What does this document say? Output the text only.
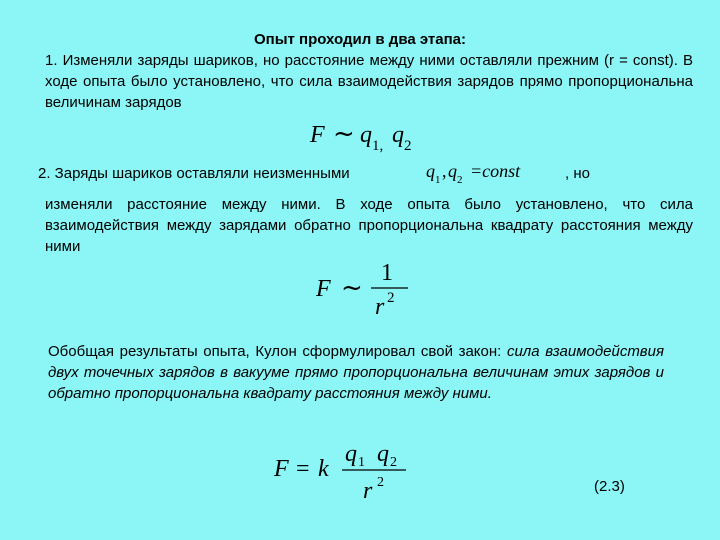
Опыт проходил в два этапа:
1. Изменяли заряды шариков, но расстояние между ними оставляли прежним (r = const). В ходе опыта было установлено, что сила взаимодействия зарядов прямо пропорциональна величинам зарядов
F ~ q 1, q 2
2. Заряды шариков оставляли неизменными	q 1 , q 2 =const	, но
изменяли расстояние между ними. В ходе опыта было установлено, что сила взаимодействия между зарядами обратно пропорциональна квадрату расстояния между ними
F ~ 1
r 2
Обобщая результаты опыта, Кулон сформулировал свой закон: сила взаимодействия двух точечных зарядов в вакууме прямо пропорциональна величинам этих зарядов и обратно пропорциональна квадрату расстояния между ними.
F = k
q 1 q 2
r 2	(2.3)
